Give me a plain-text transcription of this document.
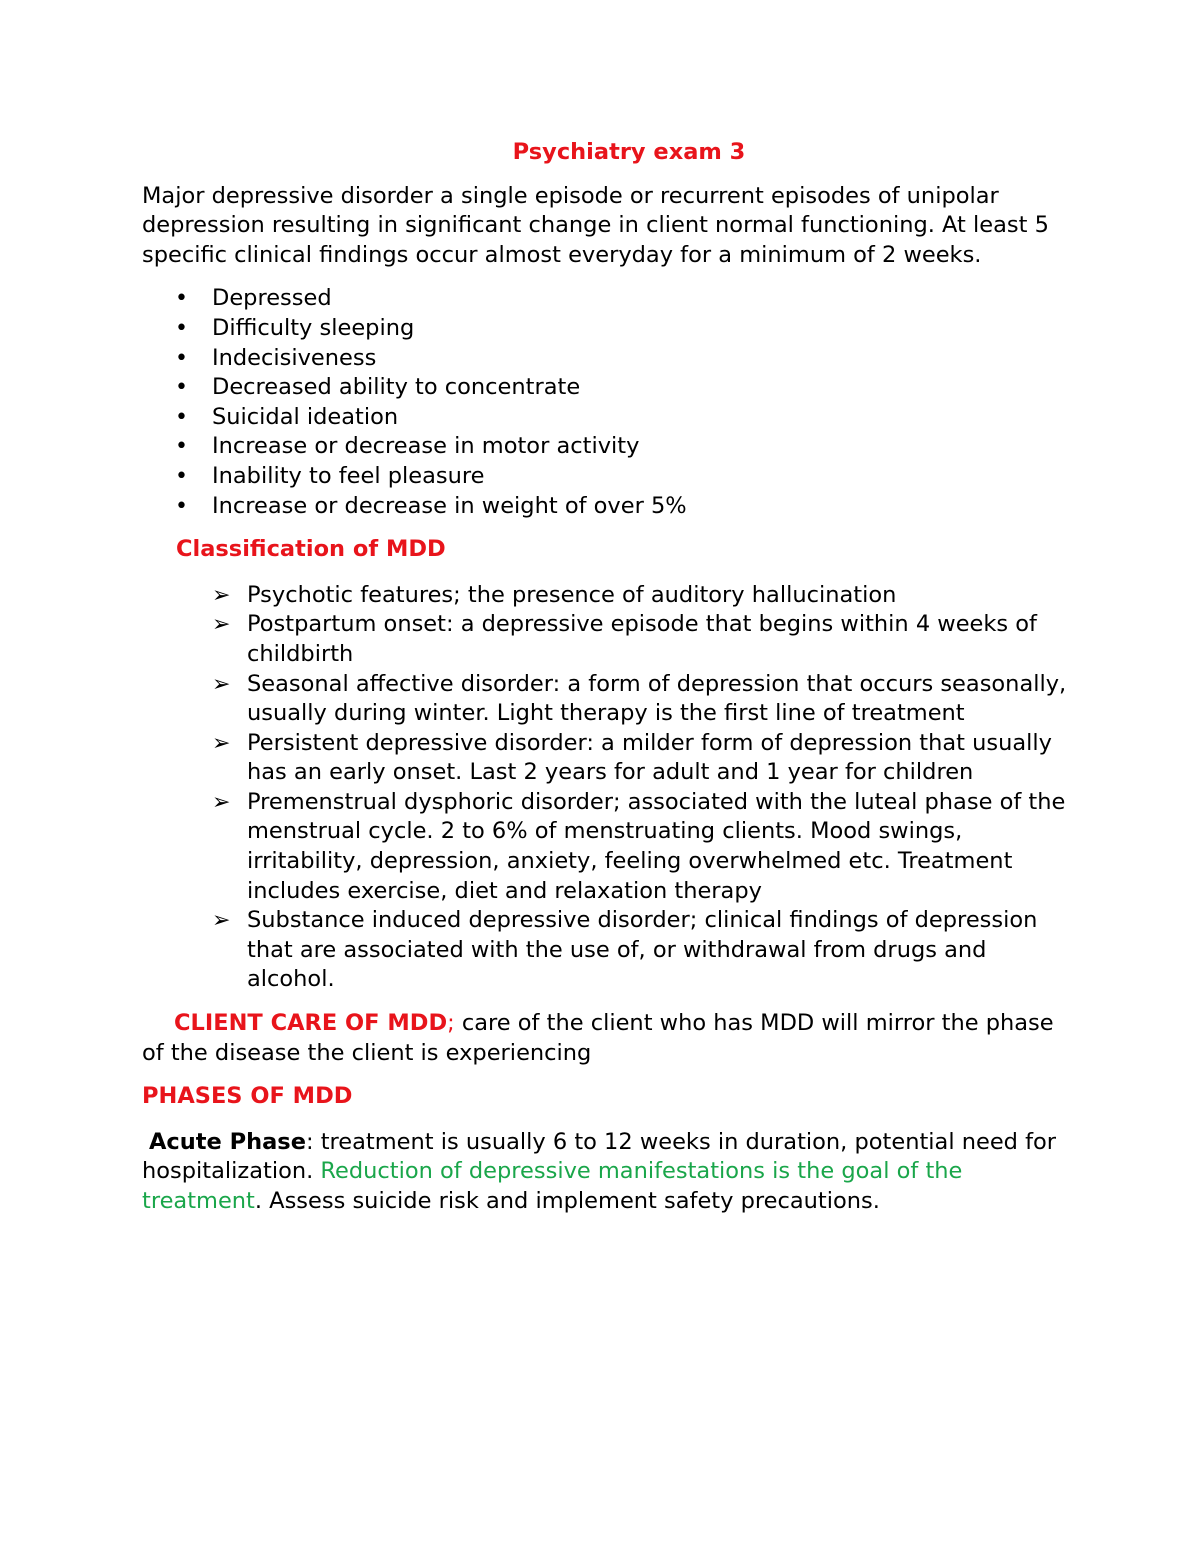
Psychiatry exam 3

Major depressive disorder a single episode or recurrent episodes of unipolar depression resulting in significant change in client normal functioning. At least 5 specific clinical findings occur almost everyday for a minimum of 2 weeks.

• Depressed
• Difficulty sleeping
• Indecisiveness
• Decreased ability to concentrate
• Suicidal ideation
• Increase or decrease in motor activity
• Inability to feel pleasure
• Increase or decrease in weight of over 5%
Classification of MDD
➢ Psychotic features; the presence of auditory hallucination
➢ Postpartum onset: a depressive episode that begins within 4 weeks of childbirth
➢ Seasonal affective disorder: a form of depression that occurs seasonally, usually during winter. Light therapy is the first line of treatment
➢ Persistent depressive disorder: a milder form of depression that usually has an early onset. Last 2 years for adult and 1 year for children
➢ Premenstrual dysphoric disorder; associated with the luteal phase of the menstrual cycle. 2 to 6% of menstruating clients. Mood swings, irritability, depression, anxiety, feeling overwhelmed etc. Treatment includes exercise, diet and relaxation therapy
➢ Substance induced depressive disorder; clinical findings of depression that are associated with the use of, or withdrawal from drugs and alcohol.

CLIENT CARE OF MDD; care of the client who has MDD will mirror the phase of the disease the client is experiencing

PHASES OF MDD

Acute Phase: treatment is usually 6 to 12 weeks in duration, potential need for hospitalization. Reduction of depressive manifestations is the goal of the treatment. Assess suicide risk and implement safety precautions.
